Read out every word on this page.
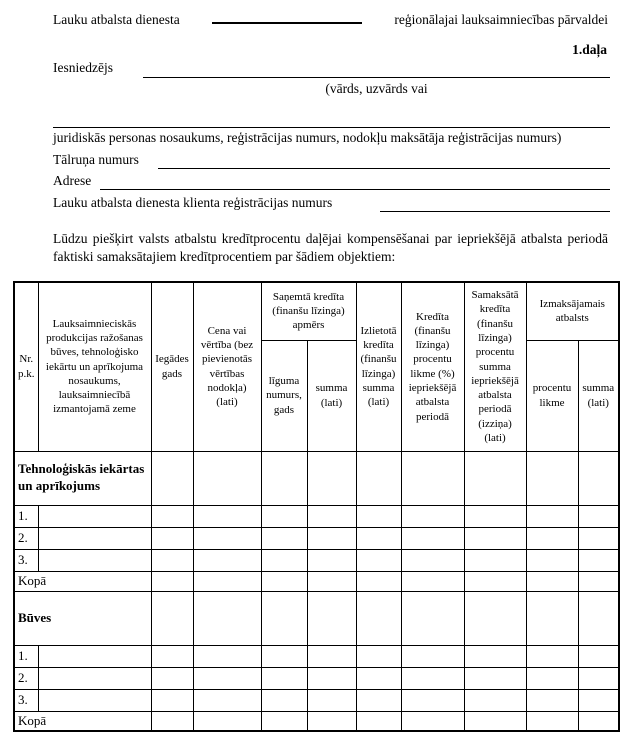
Lauku atbalsta dienesta	reģionālajai lauksaimniecības pārvaldei
1.daļa
Iesniedzējs
(vārds, uzvārds vai
juridiskās personas nosaukums, reģistrācijas numurs, nodokļu maksātāja reģistrācijas numurs)
Tālruņa numurs
Adrese
Lauku atbalsta dienesta klienta reģistrācijas numurs

Lūdzu piešķirt valsts atbalstu kredītprocentu daļējai kompensēšanai par iepriekšējā atbalsta periodā faktiski samaksātajiem kredītprocentiem par šādiem objektiem:

Nr. p.k.	Lauksaimnieciskās produkcijas ražošanas būves, tehnoloģisko iekārtu un aprīkojuma nosaukums, lauksaimniecībā izmantojamā zeme	Iegādes gads	Cena vai vērtība (bez pievienotās vērtības nodokļa) (lati)	Saņemtā kredīta (finanšu līzinga) apmērs		Izlietotā kredīta (finanšu līzinga) summa (lati)	Kredīta (finanšu līzinga) procentu likme (%) iepriekšējā atbalsta periodā	Samaksātā kredīta (finanšu līzinga) procentu summa iepriekšējā atbalsta periodā (izziņa) (lati)	Izmaksājamais atbalsts	
				līguma numurs, gads	summa (lati)				procentu likme	summa (lati)
Tehnoloģiskās iekārtas un aprīkojums										
1.										
2.										
3.										
Kopā										
Būves										
1.										
2.										
3.										
Kopā										
